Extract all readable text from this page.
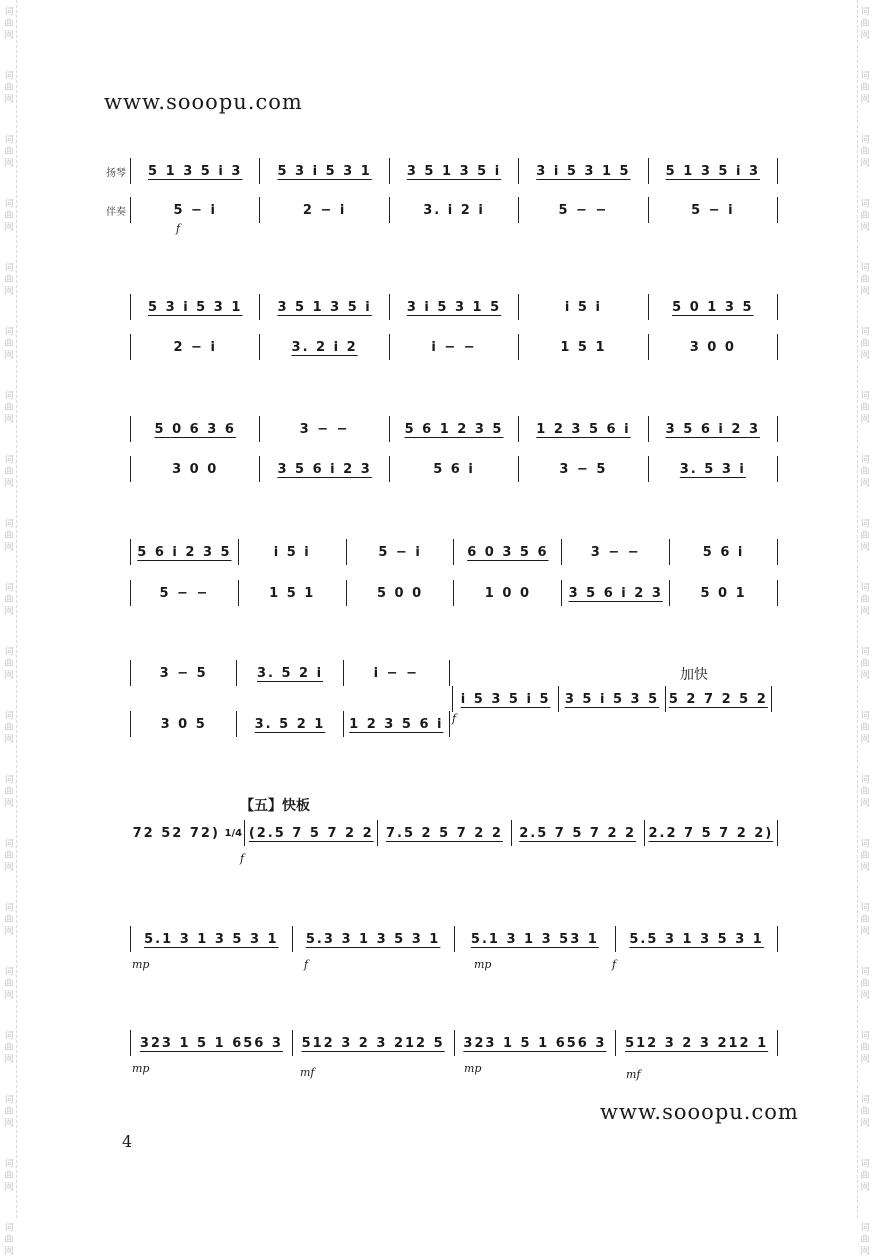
词
曲
网
词
曲
网
词
曲
网
词
曲
网
词
曲
网
词
曲
网
词
曲
网
词
曲
网
词
曲
网
词
曲
网
词
曲
网
词
曲
网
词
曲
网
词
曲
网
词
曲
网
词
曲
网
词
曲
网
词
曲
网
词
曲
网
词
曲
网
词
曲
网
词
曲
网
词
曲
网
词
曲
网
词
曲
网
词
曲
网
词
曲
网
词
曲
网
词
曲
网
词
曲
网
词
曲
网
词
曲
网
词
曲
网
词
曲
网
词
曲
网
词
曲
网
词
曲
网
词
曲
网
词
曲
网
词
曲
网
www.sooopu.com
扬琴	5 1 3 5 i 3	5 3 i 5 3 1	3 5 1 3 5 i	3 i 5 3 1 5	5 1 3 5 i 3
伴奏	5 − i	2 − i	3. i 2 i	5 − −	5 − i
f
5 3 i 5 3 1	3 5 1 3 5 i	3 i 5 3 1 5	i 5 i	5 0 1 3 5
2 − i	3. 2 i 2	i − −	1 5 1	3 0 0
5 0 6 3 6	3 − −	5 6 1 2 3 5	1 2 3 5 6 i	3 5 6 i 2 3
3 0 0	3 5 6 i 2 3	5 6 i	3 − 5	3. 5 3 i
5 6 i 2 3 5	i 5 i	5 − i	6 0 3 5 6	3 − −	5 6 i
5 − −	1 5 1	5 0 0	1 0 0	3 5 6 i 2 3	5 0 1
加快
3 − 5	3. 5 2 i	i − −
3 0 5	3. 5 2 1	1 2 3 5 6 i
i 5 3 5 i 5	3 5 i 5 3 5 5 2 7 2 5 2
f
【五】快板
72 52 72) 1/4 (2.5 7 5 7 2 2 7.5 2 5 7 2 2	2.5 7 5 7 2 2 2.2 7 5 7 2 2)
f
5.1 3 1 3 5 3 1	5.3 3 1 3 5 3 1	5.1 3 1 3 53 1	5.5 3 1 3 5 3 1
mp	f	mp	f
323 1 5 1 656 3	512 3 2 3 212 5	323 1 5 1 656 3	512 3 2 3 212 1
mp	mf	mp	mf
www.sooopu.com
4
